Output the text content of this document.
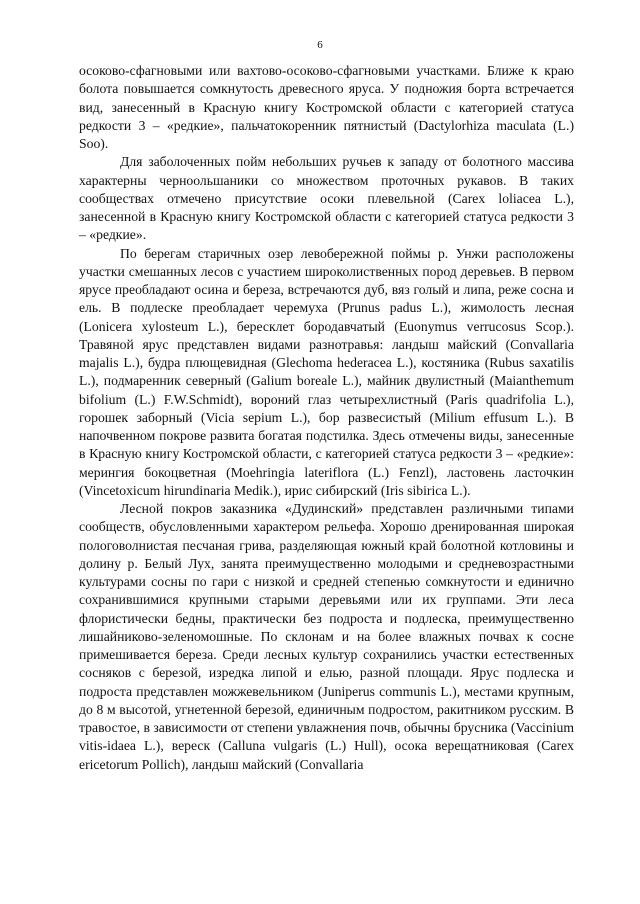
6

осоково-сфагновыми или вахтово-осоково-сфагновыми участками. Ближе к краю болота повышается сомкнутость древесного яруса. У подножия борта встречается вид, занесенный в Красную книгу Костромской области с категорией статуса редкости 3 – «редкие», пальчатокоренник пятнистый (Dactylorhiza maculata (L.) Soo).

Для заболоченных пойм небольших ручьев к западу от болотного массива характерны черноольшаники со множеством проточных рукавов. В таких сообществах отмечено присутствие осоки плевельной (Carex loliacea L.), занесенной в Красную книгу Костромской области с категорией статуса редкости 3 – «редкие».

По берегам старичных озер левобережной поймы р. Унжи расположены участки смешанных лесов с участием широколиственных пород деревьев. В первом ярусе преобладают осина и береза, встречаются дуб, вяз голый и липа, реже сосна и ель. В подлеске преобладает черемуха (Prunus padus L.), жимолость лесная (Lonicera xylosteum L.), бересклет бородавчатый (Euonymus verrucosus Scop.). Травяной ярус представлен видами разнотравья: ландыш майский (Convallaria majalis L.), будра плющевидная (Glechoma hederacea L.), костяника (Rubus saxatilis L.), подмаренник северный (Galium boreale L.), майник двулистный (Maianthemum bifolium (L.) F.W.Schmidt), вороний глаз четырехлистный (Paris quadrifolia L.), горошек заборный (Vicia sepium L.), бор развесистый (Milium effusum L.). В напочвенном покрове развита богатая подстилка. Здесь отмечены виды, занесенные в Красную книгу Костромской области, с категорией статуса редкости 3 – «редкие»: мерингия бокоцветная (Moehringia lateriflora (L.) Fenzl), ластовень ласточкин (Vincetoxicum hirundinaria Medik.), ирис сибирский (Iris sibirica L.).

Лесной покров заказника «Дудинский» представлен различными типами сообществ, обусловленными характером рельефа. Хорошо дренированная широкая пологоволнистая песчаная грива, разделяющая южный край болотной котловины и долину р. Белый Лух, занята преимущественно молодыми и средневозрастными культурами сосны по гари с низкой и средней степенью сомкнутости и единично сохранившимися крупными старыми деревьями или их группами. Эти леса флористически бедны, практически без подроста и подлеска, преимущественно лишайниково-зеленомошные. По склонам и на более влажных почвах к сосне примешивается береза. Среди лесных культур сохранились участки естественных сосняков с березой, изредка липой и елью, разной площади. Ярус подлеска и подроста представлен можжевельником (Juniperus communis L.), местами крупным, до 8 м высотой, угнетенной березой, единичным подростом, ракитником русским. В травостое, в зависимости от степени увлажнения почв, обычны брусника (Vaccinium vitis-idaea L.), вереск (Calluna vulgaris (L.) Hull), осока верещатниковая (Carex ericetorum Pollich), ландыш майский (Convallaria
